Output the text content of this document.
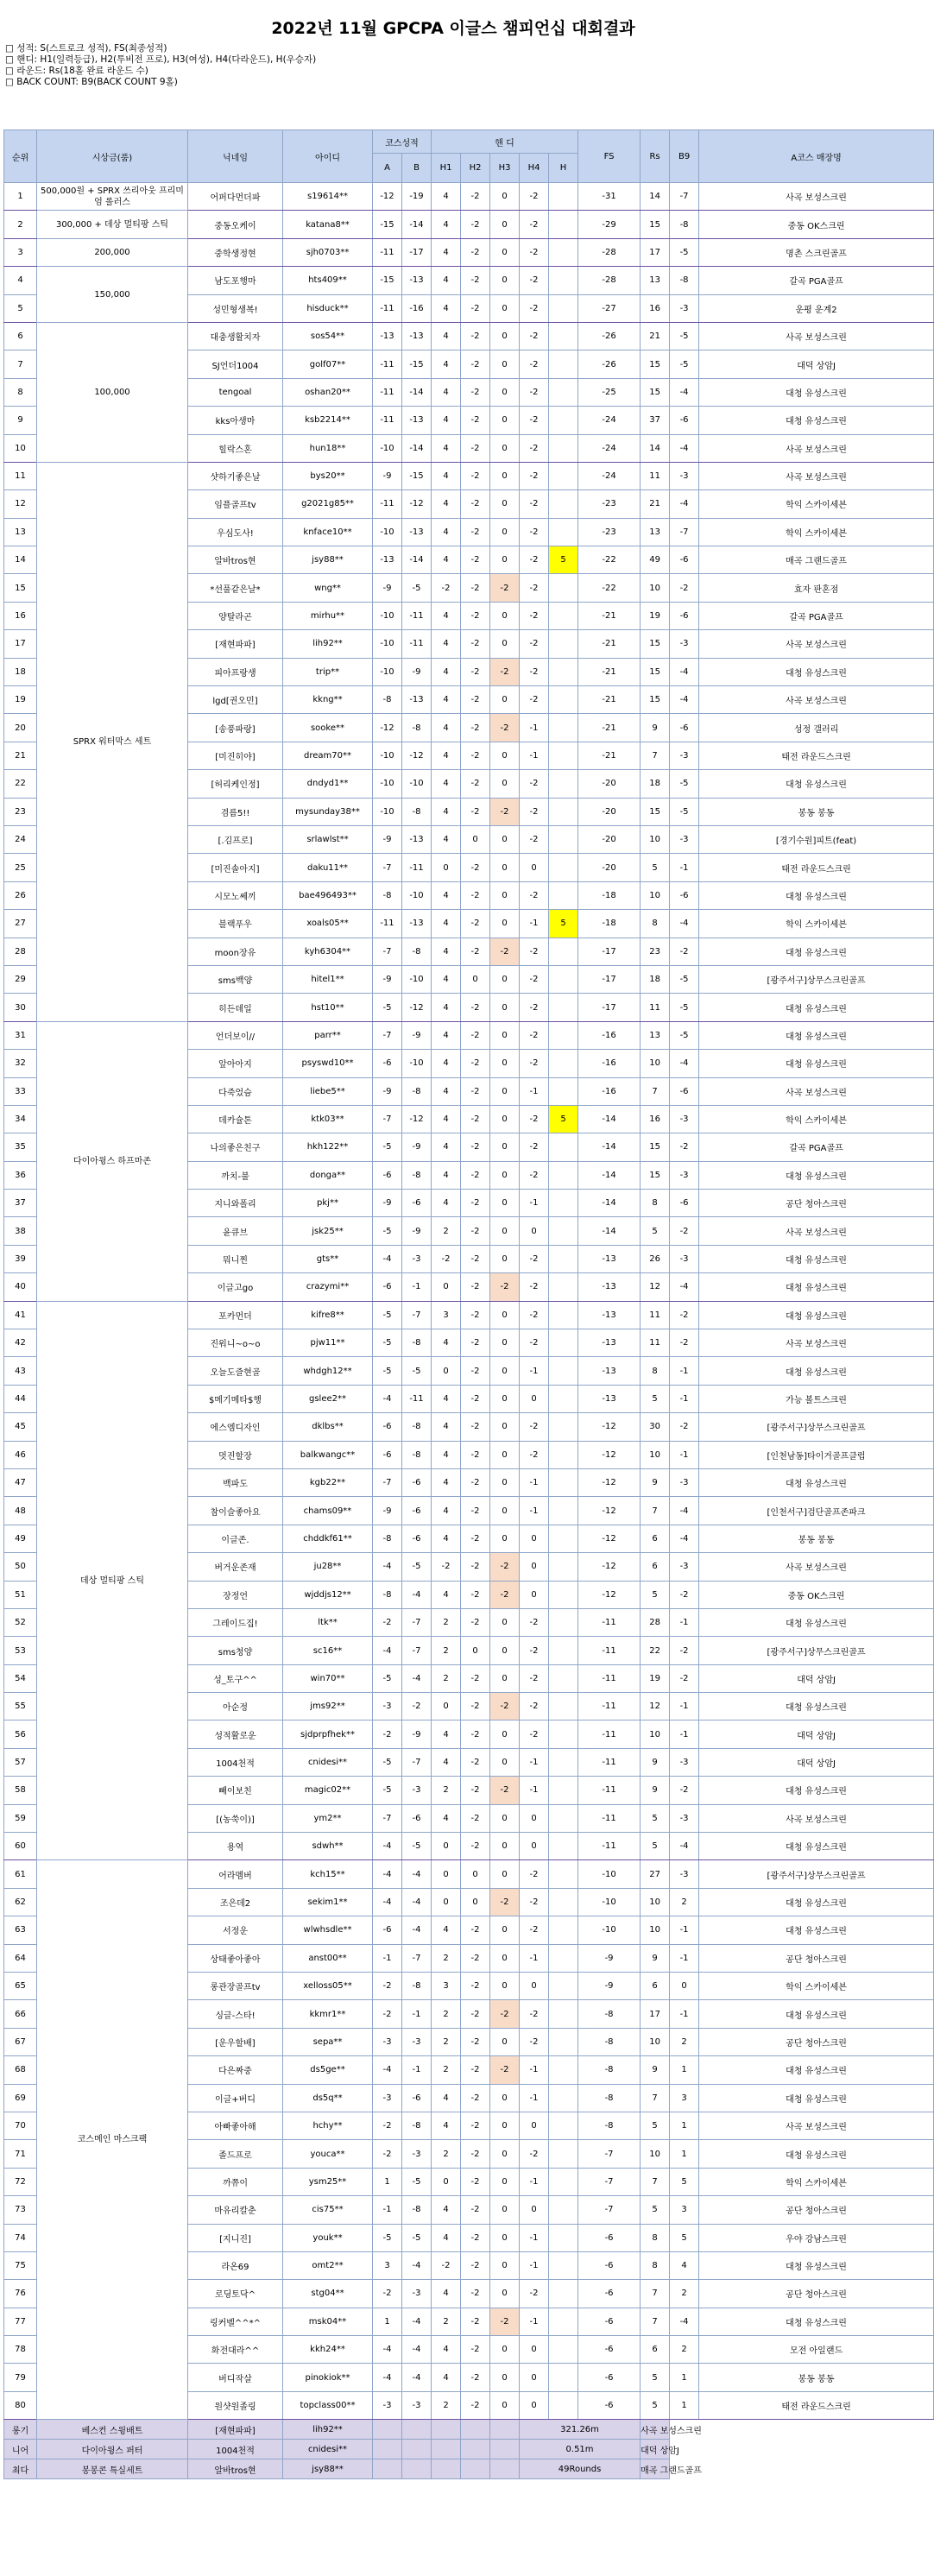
2022년 11월 GPCPA 이글스 챔피언십 대회결과
□ 성적: S(스트로크 성적), FS(최종성적)
□ 핸디: H1(일력등급), H2(투비전 프로), H3(여성), H4(다라운드), H(우승자)
□ 라운드: Rs(18홀 완료 라운드 수)
□ BACK COUNT: B9(BACK COUNT 9홀)
순위	시상금(품)	닉네임	아이디	코스성적		핸 디					FS	Rs	B9	A코스 매장명
				A	B	H1	H2	H3	H4	H				
1	500,000원 + SPRX 쓰리아웃 프리미엄 롤러스	어퍼다먼더파	s19614**	-12	-19	4	-2	0	-2		-31	14	-7	사곡 보성스크린
2	300,000 + 데상 멀티팡 스틱	중동오케이	katana8**	-15	-14	4	-2	0	-2		-29	15	-8	중동 OK스크린
3	200,000	중학생정현	sjh0703**	-11	-17	4	-2	0	-2		-28	17	-5	명촌 스크린골프
4	150,000	남도포행마	hts409**	-15	-13	4	-2	0	-2		-28	13	-8	갈곡 PGA골프
5		성민형생복!	hisduck**	-11	-16	4	-2	0	-2		-27	16	-3	운평 운계2
6	100,000	대충생활치자	sos54**	-13	-13	4	-2	0	-2		-26	21	-5	사곡 보성스크린
7		SJ언더1004	golf07**	-11	-15	4	-2	0	-2		-26	15	-5	대덕 상암J
8		tengoal	oshan20**	-11	-14	4	-2	0	-2		-25	15	-4	대청 유성스크린
9		kks아생마	ksb2214**	-11	-13	4	-2	0	-2		-24	37	-6	대청 유성스크린
10		힐락스혼	hun18**	-10	-14	4	-2	0	-2		-24	14	-4	사곡 보성스크린
11	SPRX 워터막스 세트	샷하기좋은날	bys20**	-9	-15	4	-2	0	-2		-24	11	-3	사곡 보성스크린
12		임플골프tv	g2021g85**	-11	-12	4	-2	0	-2		-23	21	-4	학익 스카이세븐
13		우심도사!	knface10**	-10	-13	4	-2	0	-2		-23	13	-7	학익 스카이세븐
14		알바tros현	jsy88**	-13	-14	4	-2	0	-2	5	-22	49	-6	매곡 그랜드골프
15		*선풀같은날*	wng**	-9	-5	-2	-2	-2	-2		-22	10	-2	효자 판혼점
16		양탈라곤	mirhu**	-10	-11	4	-2	0	-2		-21	19	-6	갈곡 PGA골프
17		[재현파파]	lih92**	-10	-11	4	-2	0	-2		-21	15	-3	사곡 보성스크린
18		피아프랑생	trip**	-10	-9	4	-2	-2	-2		-21	15	-4	대청 유성스크린
19		lgd[권오민]	kkng**	-8	-13	4	-2	0	-2		-21	15	-4	사곡 보성스크린
20		[송풍파랑]	sooke**	-12	-8	4	-2	-2	-1		-21	9	-6	성정 갤러리
21		[미진히야]	dream70**	-10	-12	4	-2	0	-1		-21	7	-3	태전 라운드스크린
22		[허리케인정]	dndyd1**	-10	-10	4	-2	0	-2		-20	18	-5	대청 유성스크린
23		겸름5!!	mysunday38**	-10	-8	4	-2	-2	-2		-20	15	-5	봉동 봉동
24		[.김프로]	srlawlst**	-9	-13	4	0	0	-2		-20	10	-3	[경기수원]피트(feat)
25		[미진솔아지]	daku11**	-7	-11	0	-2	0	0		-20	5	-1	태전 라운드스크린
26		시모노쎄끼	bae496493**	-8	-10	4	-2	0	-2		-18	10	-6	대청 유성스크린
27		블랙푸우	xoals05**	-11	-13	4	-2	0	-1	5	-18	8	-4	학익 스카이세븐
28		moon장유	kyh6304**	-7	-8	4	-2	-2	-2		-17	23	-2	대청 유성스크린
29		sms백양	hitel1**	-9	-10	4	0	0	-2		-17	18	-5	[광주서구]상무스크린골프
30		히든데일	hst10**	-5	-12	4	-2	0	-2		-17	11	-5	대청 유성스크린
31	다이아윙스 하프마존	언더보이//	parr**	-7	-9	4	-2	0	-2		-16	13	-5	대청 유성스크린
32		앞아아지	psyswd10**	-6	-10	4	-2	0	-2		-16	10	-4	대청 유성스크린
33		다죽었슴	liebe5**	-9	-8	4	-2	0	-1		-16	7	-6	사곡 보성스크린
34		데카슐톤	ktk03**	-7	-12	4	-2	0	-2	5	-14	16	-3	학익 스카이세븐
35		나의좋은친구	hkh122**	-5	-9	4	-2	0	-2		-14	15	-2	갈곡 PGA골프
36		까치-불	donga**	-6	-8	4	-2	0	-2		-14	15	-3	대청 유성스크린
37		지니와폴리	pkj**	-9	-6	4	-2	0	-1		-14	8	-6	공단 청아스크린
38		윤큐브	jsk25**	-5	-9	2	-2	0	0		-14	5	-2	사곡 보성스크린
39		뭐니찐	gts**	-4	-3	-2	-2	0	-2		-13	26	-3	대청 유성스크린
40		이글고go	crazymi**	-6	-1	0	-2	-2	-2		-13	12	-4	대청 유성스크린
41	데상 멀티팡 스틱	포카먼더	kifre8**	-5	-7	3	-2	0	-2		-13	11	-2	대청 유성스크린
42		진워니~o~o	pjw11**	-5	-8	4	-2	0	-2		-13	11	-2	사곡 보성스크린
43		오늘도즐현골	whdgh12**	-5	-5	0	-2	0	-1		-13	8	-1	대청 유성스크린
44		$메기메타$행	gslee2**	-4	-11	4	-2	0	0		-13	5	-1	가능 볼트스크린
45		에스엠디자인	dklbs**	-6	-8	4	-2	0	-2		-12	30	-2	[광주서구]상무스크린골프
46		멋진할장	balkwangc**	-6	-8	4	-2	0	-2		-12	10	-1	[인천남동]타이거골프클럽
47		백파도	kgb22**	-7	-6	4	-2	0	-1		-12	9	-3	대청 유성스크린
48		참이슬좋아요	chams09**	-9	-6	4	-2	0	-1		-12	7	-4	[인천서구]검단골프존파크
49		이글존.	chddkf61**	-8	-6	4	-2	0	0		-12	6	-4	봉동 봉동
50		버거운존재	ju28**	-4	-5	-2	-2	-2	0		-12	6	-3	사곡 보성스크린
51		장정언	wjddjs12**	-8	-4	4	-2	-2	0		-12	5	-2	중동 OK스크린
52		그레이드집!	ltk**	-2	-7	2	-2	0	-2		-11	28	-1	대청 유성스크린
53		sms청양	sc16**	-4	-7	2	0	0	-2		-11	22	-2	[광주서구]상무스크린골프
54		성_토구^^	win70**	-5	-4	2	-2	0	-2		-11	19	-2	대덕 상암J
55		아순정	jms92**	-3	-2	0	-2	-2	-2		-11	12	-1	대청 유성스크린
56		성적활로운	sjdprpfhek**	-2	-9	4	-2	0	-2		-11	10	-1	대덕 상암J
57		1004천적	cnidesi**	-5	-7	4	-2	0	-1		-11	9	-3	대덕 상암J
58		빼이보친	magic02**	-5	-3	2	-2	-2	-1		-11	9	-2	대청 유성스크린
59		[(농쑥이)]	ym2**	-7	-6	4	-2	0	0		-11	5	-3	사곡 보성스크린
60		용역	sdwh**	-4	-5	0	-2	0	0		-11	5	-4	대청 유성스크린
61	코스메인 마스크팩	어라멤버	kch15**	-4	-4	0	0	0	-2		-10	27	-3	[광주서구]상무스크린골프
62		조은데2	sekim1**	-4	-4	0	0	-2	-2		-10	10	2	대청 유성스크린
63		서정운	wlwhsdle**	-6	-4	4	-2	0	-2		-10	10	-1	대청 유성스크린
64		상태좋아좋아	anst00**	-1	-7	2	-2	0	-1		-9	9	-1	공단 청아스크린
65		롱관장골프tv	xelloss05**	-2	-8	3	-2	0	0		-9	6	0	학익 스카이세븐
66		싱글-스타!	kkmr1**	-2	-1	2	-2	-2	-2		-8	17	-1	대청 유성스크린
67		[운우할배]	sepa**	-3	-3	2	-2	0	-2		-8	10	2	공단 청아스크린
68		다은짜중	ds5ge**	-4	-1	2	-2	-2	-1		-8	9	1	대청 유성스크린
69		이글+버디	ds5q**	-3	-6	4	-2	0	-1		-8	7	3	대청 유성스크린
70		아빠좋아해	hchy**	-2	-8	4	-2	0	0		-8	5	1	사곡 보성스크린
71		졸드프로	youca**	-2	-3	2	-2	0	-2		-7	10	1	대청 유성스크린
72		까쮸이	ysm25**	1	-5	0	-2	0	-1		-7	7	5	학익 스카이세븐
73		마유리칼춘	cis75**	-1	-8	4	-2	0	0		-7	5	3	공단 청아스크린
74		[지니진]	youk**	-5	-5	4	-2	0	-1		-6	8	5	우야 강남스크린
75		라온69	omt2**	3	-4	-2	-2	0	-1		-6	8	4	대청 유성스크린
76		로딩토닥^	stg04**	-2	-3	4	-2	0	-2		-6	7	2	공단 청아스크린
77		링커벨^^*^	msk04**	1	-4	2	-2	-2	-1		-6	7	-4	대청 유성스크린
78		화전대라^^	kkh24**	-4	-4	4	-2	0	0		-6	6	2	모전 아일랜드
79		버디작살	pinokiok**	-4	-4	4	-2	0	0		-6	5	1	봉동 봉동
80		원샷원졸링	topclass00**	-3	-3	2	-2	0	0		-6	5	1	태전 라운드스크린
롱기	베스컨 스윙배트	[재현파파]	lih92**						321.26m			사곡 보성스크린		
니어	다이아윙스 퍼터	1004천적	cnidesi**						0.51m			대덕 상암J		
최다	봉봉콘 특실세트	알바tros현	jsy88**						49Rounds			매곡 그랜드골프		
